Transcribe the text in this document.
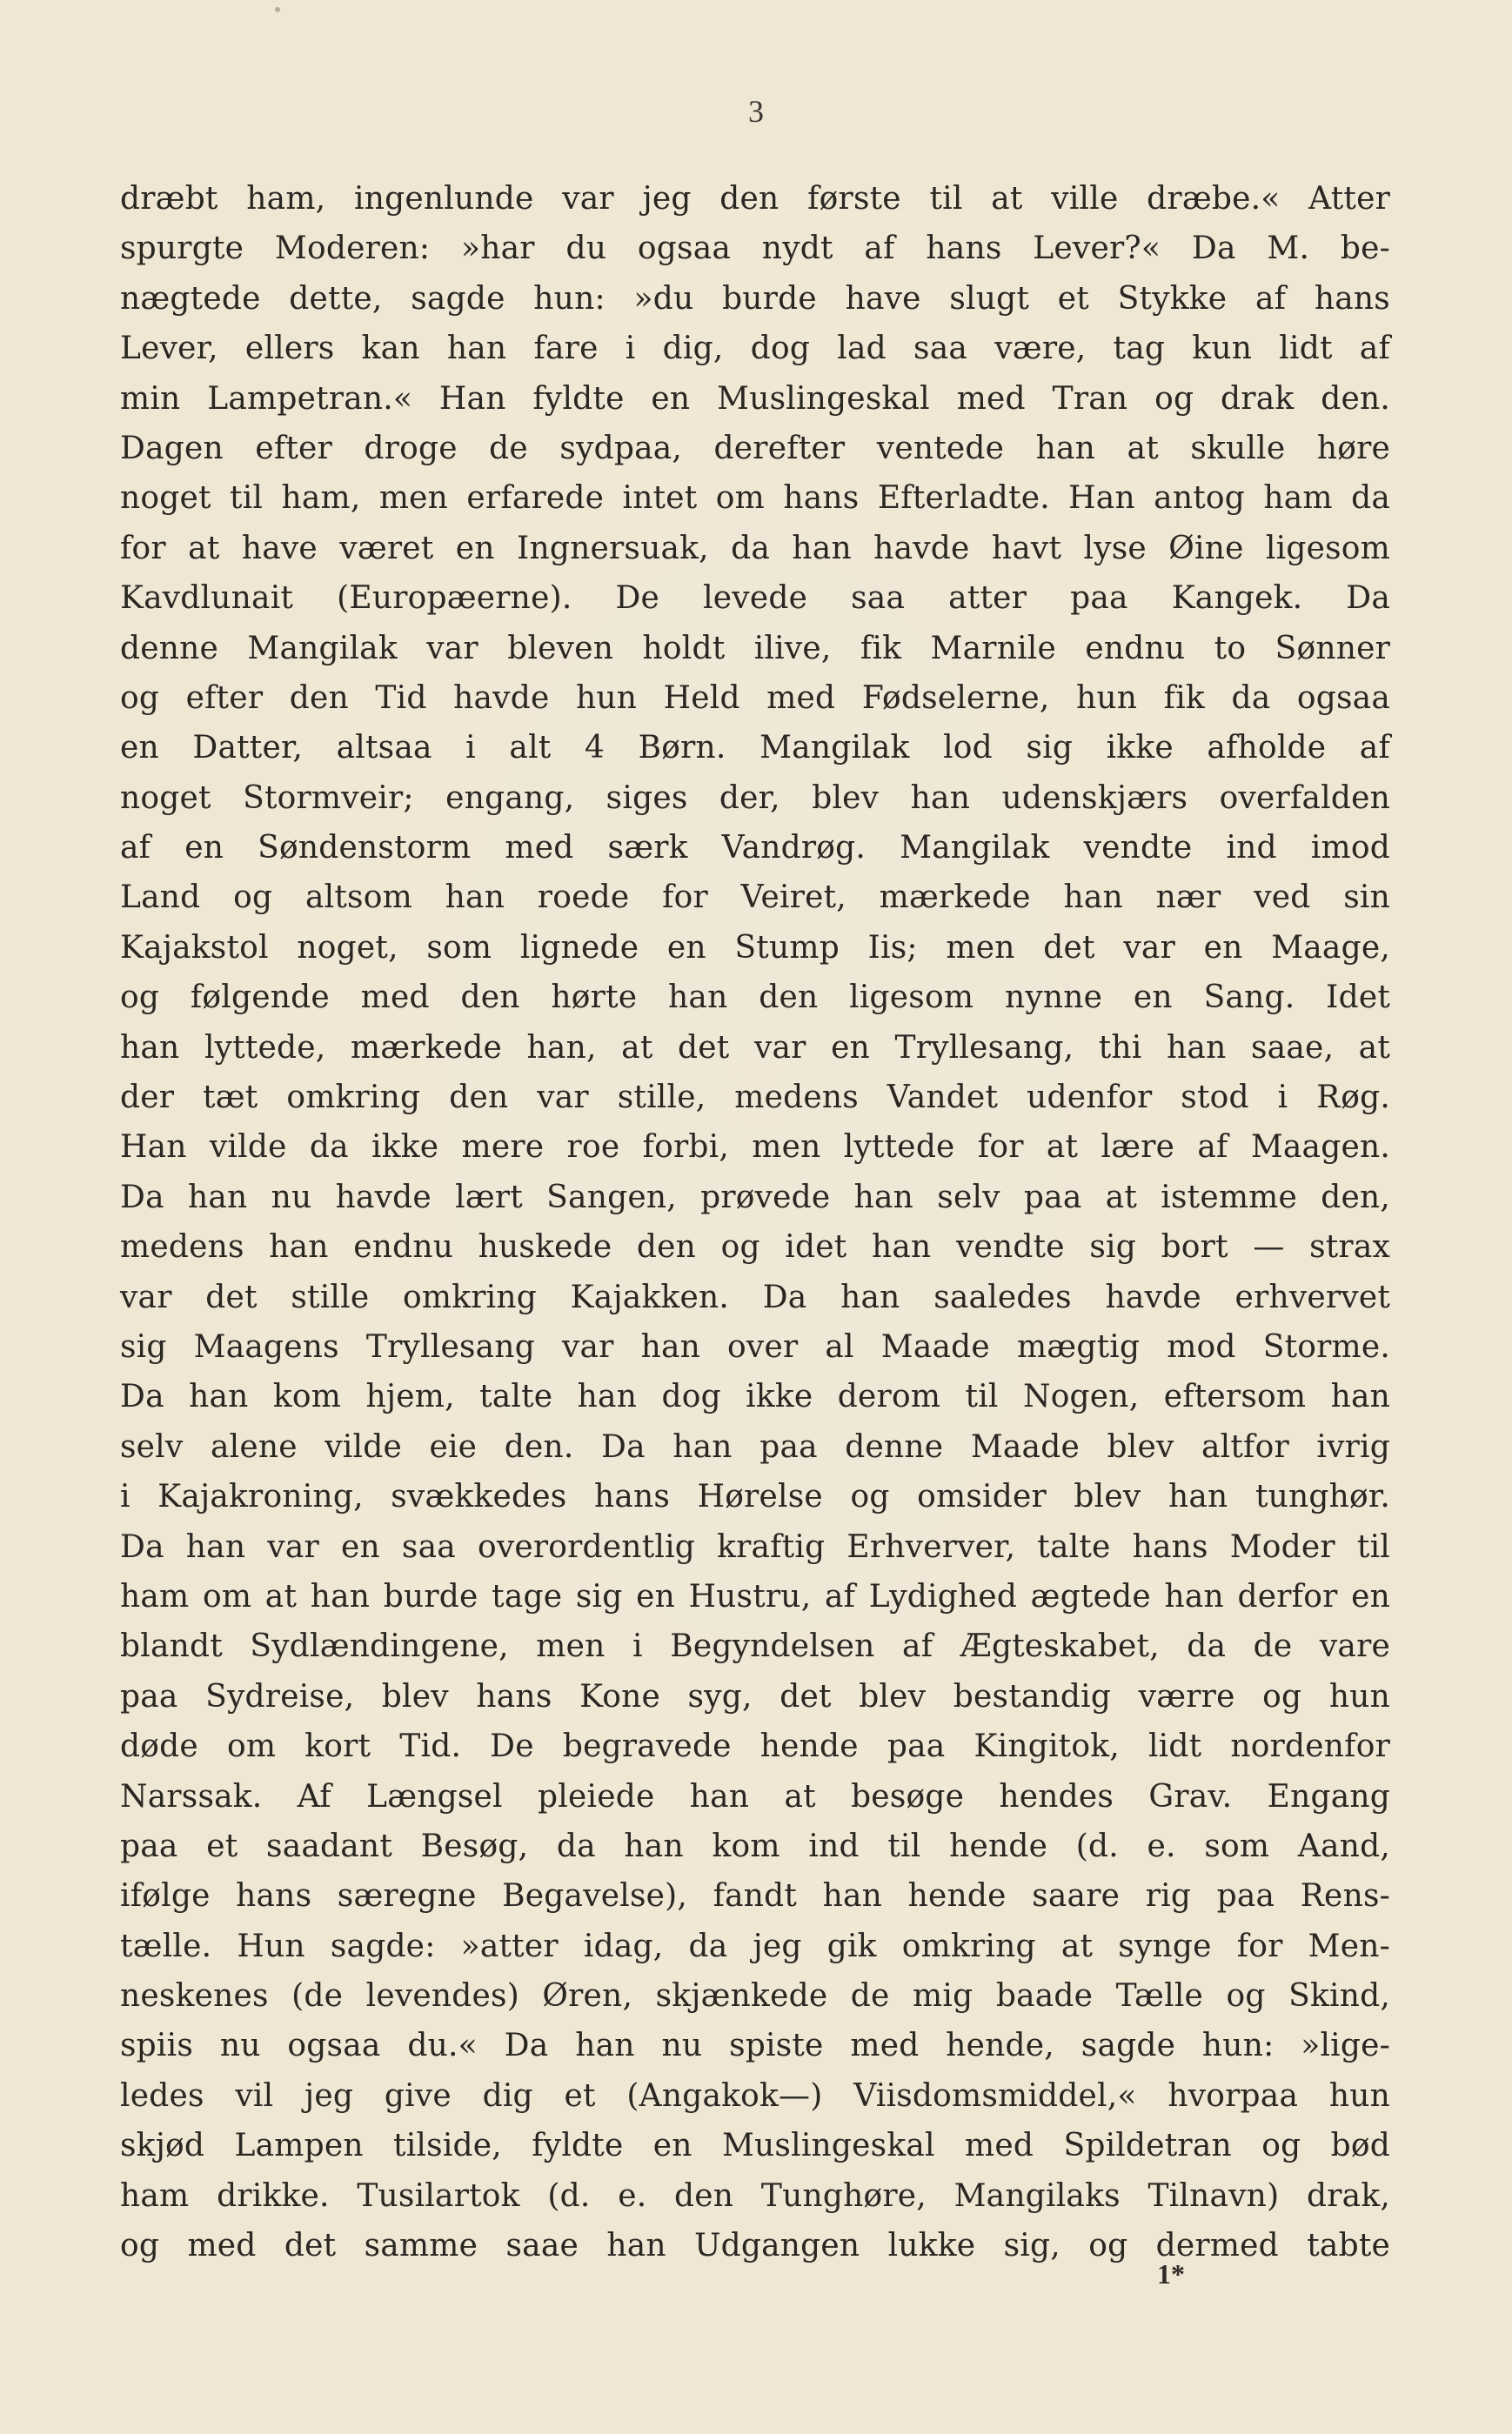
3
dræbt ham, ingenlunde var jeg den første til at ville dræbe.« Atter
spurgte Moderen: »har du ogsaa nydt af hans Lever?« Da M. be-
nægtede dette, sagde hun: »du burde have slugt et Stykke af hans
Lever, ellers kan han fare i dig, dog lad saa være, tag kun lidt af
min Lampetran.« Han fyldte en Muslingeskal med Tran og drak den.
Dagen efter droge de sydpaa, derefter ventede han at skulle høre
noget til ham, men erfarede intet om hans Efterladte. Han antog ham da
for at have været en Ingnersuak, da han havde havt lyse Øine ligesom
Kavdlunait (Europæerne). De levede saa atter paa Kangek. Da
denne Mangilak var bleven holdt ilive, fik Marnile endnu to Sønner
og efter den Tid havde hun Held med Fødselerne, hun fik da ogsaa
en Datter, altsaa i alt 4 Børn. Mangilak lod sig ikke afholde af
noget Stormveir; engang, siges der, blev han udenskjærs overfalden
af en Søndenstorm med særk Vandrøg. Mangilak vendte ind imod
Land og altsom han roede for Veiret, mærkede han nær ved sin
Kajakstol noget, som lignede en Stump Iis; men det var en Maage,
og følgende med den hørte han den ligesom nynne en Sang. Idet
han lyttede, mærkede han, at det var en Tryllesang, thi han saae, at
der tæt omkring den var stille, medens Vandet udenfor stod i Røg.
Han vilde da ikke mere roe forbi, men lyttede for at lære af Maagen.
Da han nu havde lært Sangen, prøvede han selv paa at istemme den,
medens han endnu huskede den og idet han vendte sig bort — strax
var det stille omkring Kajakken. Da han saaledes havde erhvervet
sig Maagens Tryllesang var han over al Maade mægtig mod Storme.
Da han kom hjem, talte han dog ikke derom til Nogen, eftersom han
selv alene vilde eie den. Da han paa denne Maade blev altfor ivrig
i Kajakroning, svækkedes hans Hørelse og omsider blev han tunghør.
Da han var en saa overordentlig kraftig Erhverver, talte hans Moder til
ham om at han burde tage sig en Hustru, af Lydighed ægtede han derfor en
blandt Sydlændingene, men i Begyndelsen af Ægteskabet, da de vare
paa Sydreise, blev hans Kone syg, det blev bestandig værre og hun
døde om kort Tid. De begravede hende paa Kingitok, lidt nordenfor
Narssak. Af Længsel pleiede han at besøge hendes Grav. Engang
paa et saadant Besøg, da han kom ind til hende (d. e. som Aand,
ifølge hans særegne Begavelse), fandt han hende saare rig paa Rens-
tælle. Hun sagde: »atter idag, da jeg gik omkring at synge for Men-
neskenes (de levendes) Øren, skjænkede de mig baade Tælle og Skind,
spiis nu ogsaa du.« Da han nu spiste med hende, sagde hun: »lige-
ledes vil jeg give dig et (Angakok—) Viisdomsmiddel,« hvorpaa hun
skjød Lampen tilside, fyldte en Muslingeskal med Spildetran og bød
ham drikke. Tusilartok (d. e. den Tunghøre, Mangilaks Tilnavn) drak,
og med det samme saae han Udgangen lukke sig, og dermed tabte
1*
